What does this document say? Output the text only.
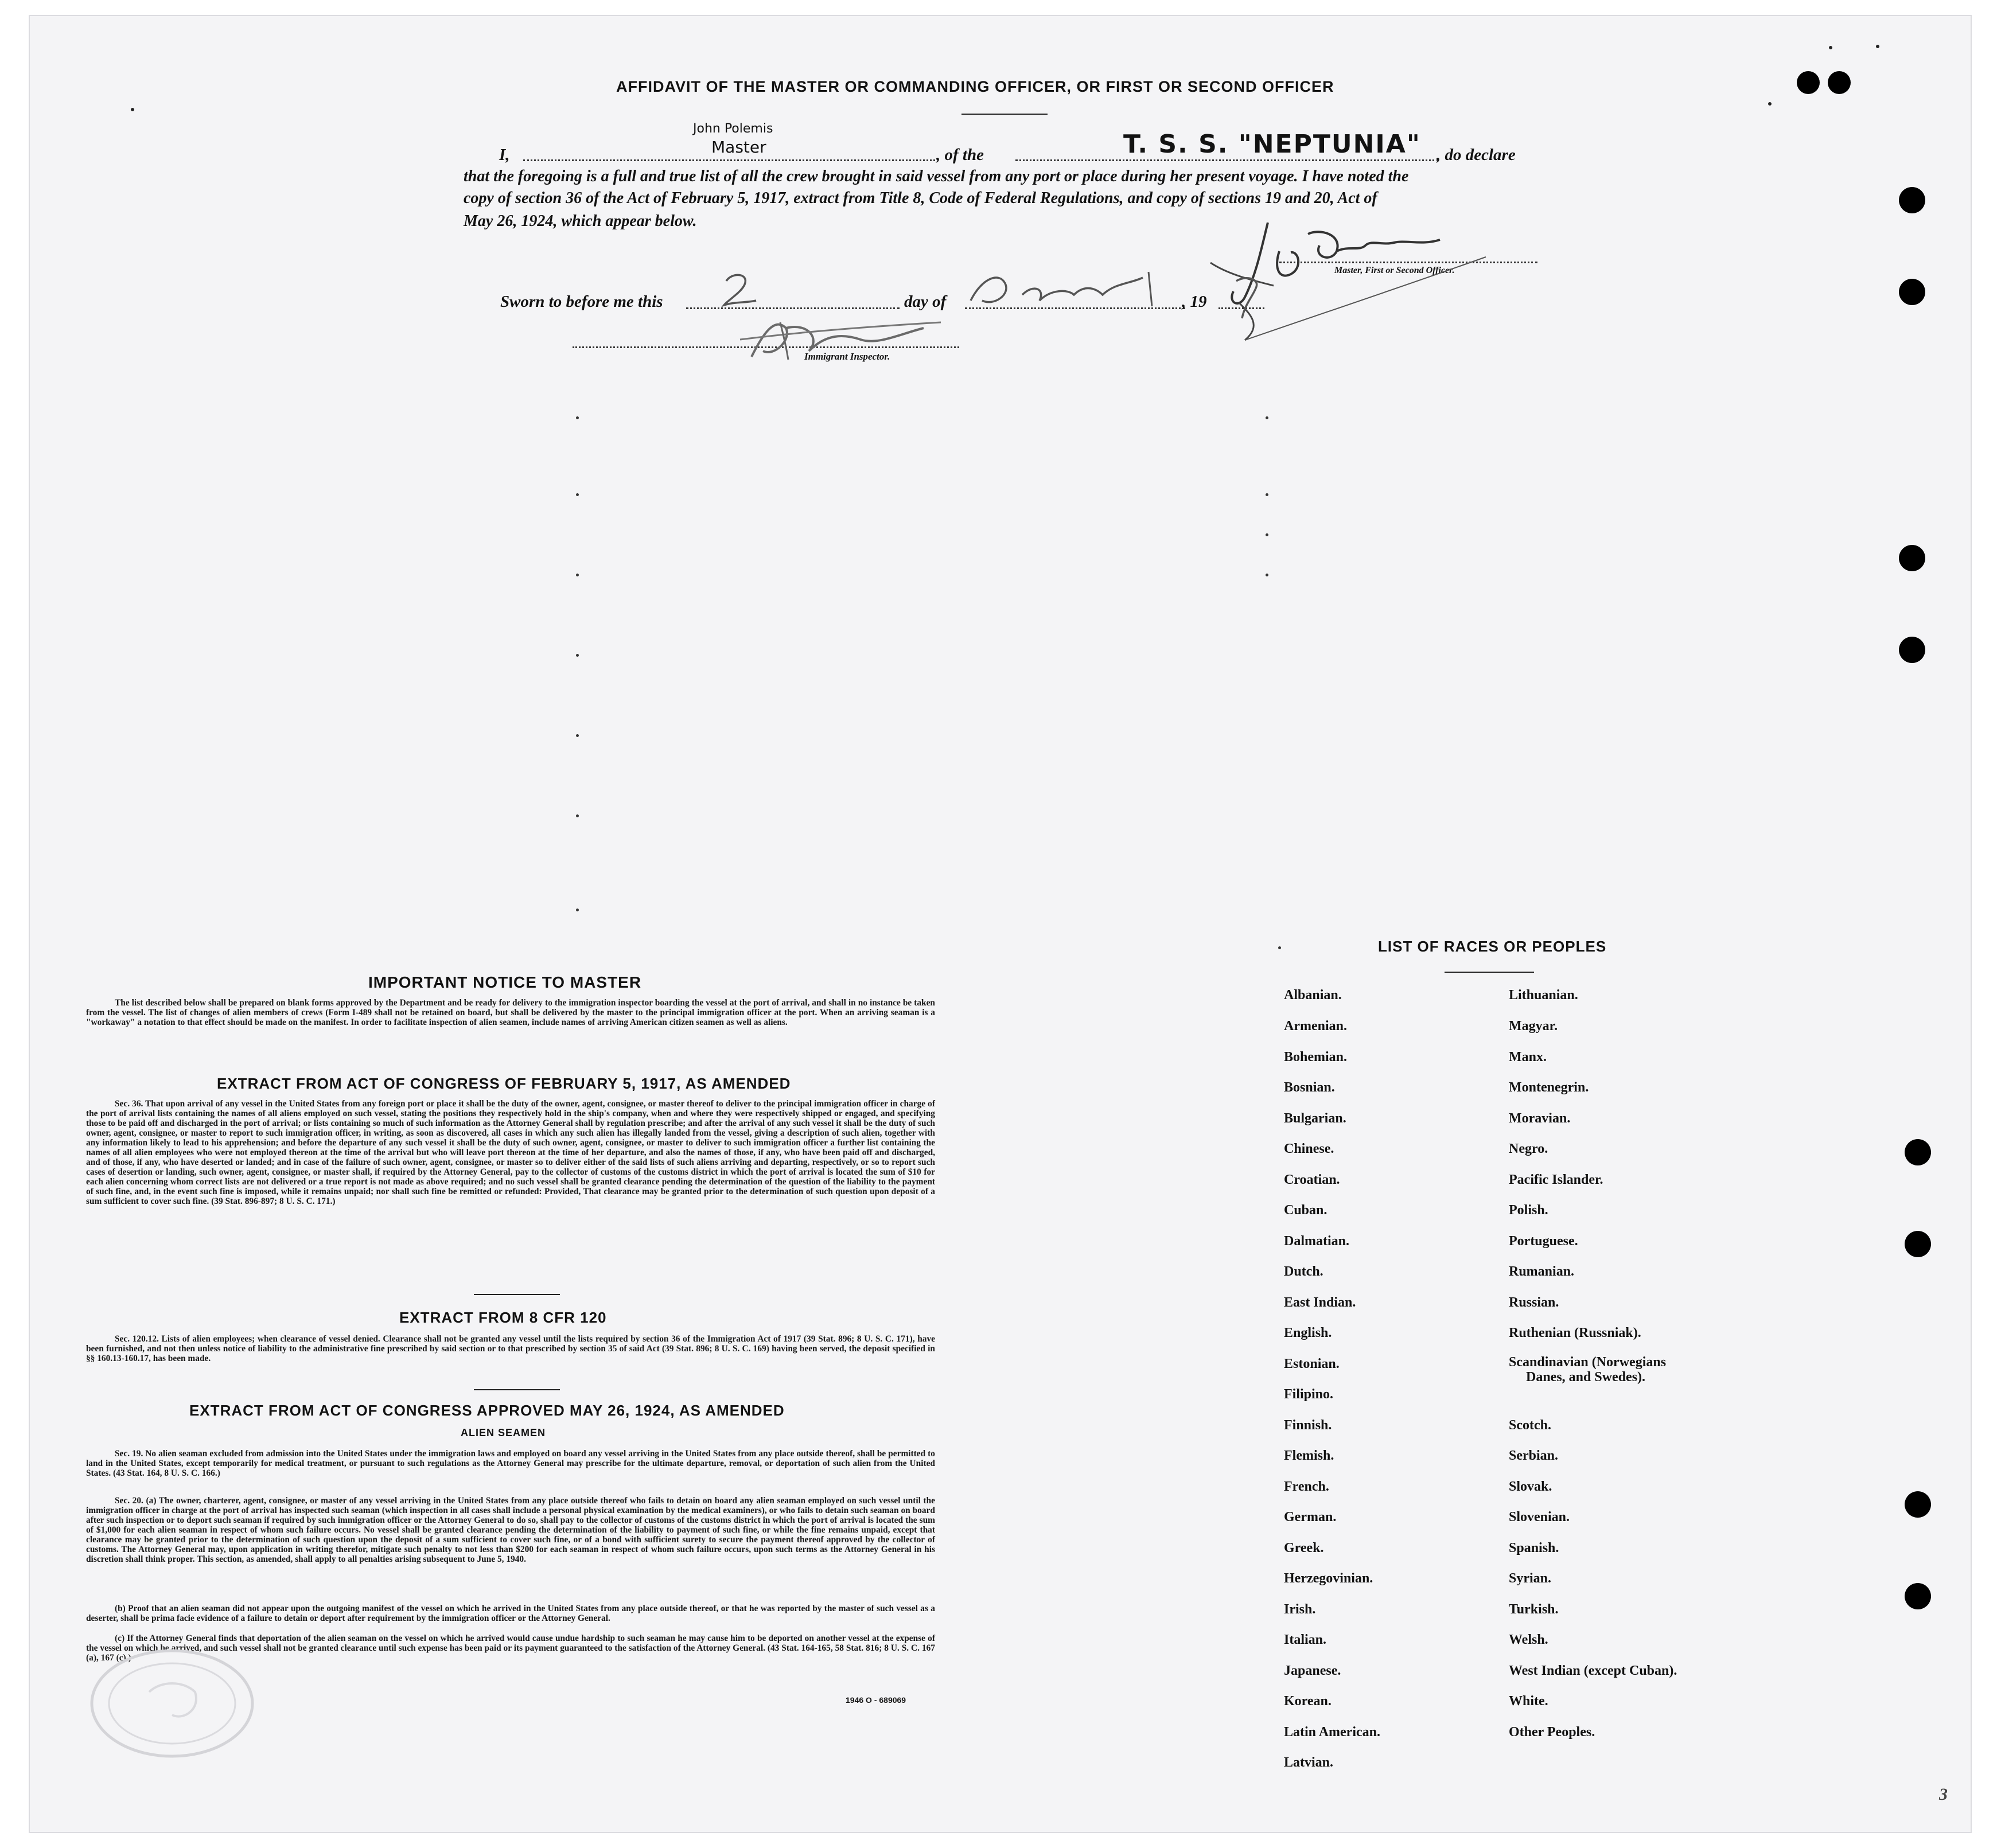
AFFIDAVIT OF THE MASTER OR COMMANDING OFFICER, OR FIRST OR SECOND OFFICER
I,
John Polemis
Master	, of the	T. S. S. "NEPTUNIA" , do declare
that the foregoing is a full and true list of all the crew brought in said vessel from any port or place during her present voyage. I have noted the
copy of section 36 of the Act of February 5, 1917, extract from Title 8, Code of Federal Regulations, and copy of sections 19 and 20, Act of
May 26, 1924, which appear below.
Master, First or Second Officer.
Sworn to before me this	day of	, 19
Immigrant Inspector.
IMPORTANT NOTICE TO MASTER
The list described below shall be prepared on blank forms approved by the Department and be ready for delivery to the immigration inspector boarding the vessel at the port of arrival, and shall in no instance be taken from the vessel. The list of changes of alien members of crews (Form I-489 shall not be retained on board, but shall be delivered by the master to the principal immigration officer at the port. When an arriving seaman is a "workaway" a notation to that effect should be made on the manifest. In order to facilitate inspection of alien seamen, include names of arriving American citizen seamen as well as aliens.
EXTRACT FROM ACT OF CONGRESS OF FEBRUARY 5, 1917, AS AMENDED
Sec. 36. That upon arrival of any vessel in the United States from any foreign port or place it shall be the duty of the owner, agent, consignee, or master thereof to deliver to the principal immigration officer in charge of the port of arrival lists containing the names of all aliens employed on such vessel, stating the positions they respectively hold in the ship's company, when and where they were respectively shipped or engaged, and specifying those to be paid off and discharged in the port of arrival; or lists containing so much of such information as the Attorney General shall by regulation prescribe; and after the arrival of any such vessel it shall be the duty of such owner, agent, consignee, or master to report to such immigration officer, in writing, as soon as discovered, all cases in which any such alien has illegally landed from the vessel, giving a description of such alien, together with any information likely to lead to his apprehension; and before the departure of any such vessel it shall be the duty of such owner, agent, consignee, or master to deliver to such immigration officer a further list containing the names of all alien employees who were not employed thereon at the time of the arrival but who will leave port thereon at the time of her departure, and also the names of those, if any, who have been paid off and discharged, and of those, if any, who have deserted or landed; and in case of the failure of such owner, agent, consignee, or master so to deliver either of the said lists of such aliens arriving and departing, respectively, or so to report such cases of desertion or landing, such owner, agent, consignee, or master shall, if required by the Attorney General, pay to the collector of customs of the customs district in which the port of arrival is located the sum of $10 for each alien concerning whom correct lists are not delivered or a true report is not made as above required; and no such vessel shall be granted clearance pending the determination of the question of the liability to the payment of such fine, and, in the event such fine is imposed, while it remains unpaid; nor shall such fine be remitted or refunded: Provided, That clearance may be granted prior to the determination of such question upon deposit of a sum sufficient to cover such fine. (39 Stat. 896-897; 8 U. S. C. 171.)
EXTRACT FROM 8 CFR 120
Sec. 120.12. Lists of alien employees; when clearance of vessel denied. Clearance shall not be granted any vessel until the lists required by section 36 of the Immigration Act of 1917 (39 Stat. 896; 8 U. S. C. 171), have been furnished, and not then unless notice of liability to the administrative fine prescribed by said section or to that prescribed by section 35 of said Act (39 Stat. 896; 8 U. S. C. 169) having been served, the deposit specified in §§ 160.13-160.17, has been made.
EXTRACT FROM ACT OF CONGRESS APPROVED MAY 26, 1924, AS AMENDED
ALIEN SEAMEN
Sec. 19. No alien seaman excluded from admission into the United States under the immigration laws and employed on board any vessel arriving in the United States from any place outside thereof, shall be permitted to land in the United States, except temporarily for medical treatment, or pursuant to such regulations as the Attorney General may prescribe for the ultimate departure, removal, or deportation of such alien from the United States. (43 Stat. 164, 8 U. S. C. 166.)
Sec. 20. (a) The owner, charterer, agent, consignee, or master of any vessel arriving in the United States from any place outside thereof who fails to detain on board any alien seaman employed on such vessel until the immigration officer in charge at the port of arrival has inspected such seaman (which inspection in all cases shall include a personal physical examination by the medical examiners), or who fails to detain such seaman on board after such inspection or to deport such seaman if required by such immigration officer or the Attorney General to do so, shall pay to the collector of customs of the customs district in which the port of arrival is located the sum of $1,000 for each alien seaman in respect of whom such failure occurs. No vessel shall be granted clearance pending the determination of the liability to payment of such fine, or while the fine remains unpaid, except that clearance may be granted prior to the determination of such question upon the deposit of a sum sufficient to cover such fine, or of a bond with sufficient surety to secure the payment thereof approved by the collector of customs. The Attorney General may, upon application in writing therefor, mitigate such penalty to not less than $200 for each seaman in respect of whom such failure occurs, upon such terms as the Attorney General in his discretion shall think proper. This section, as amended, shall apply to all penalties arising subsequent to June 5, 1940.
(b) Proof that an alien seaman did not appear upon the outgoing manifest of the vessel on which he arrived in the United States from any place outside thereof, or that he was reported by the master of such vessel as a deserter, shall be prima facie evidence of a failure to detain or deport after requirement by the immigration officer or the Attorney General.
(c) If the Attorney General finds that deportation of the alien seaman on the vessel on which he arrived would cause undue hardship to such seaman he may cause him to be deported on another vessel at the expense of the vessel on which he arrived, and such vessel shall not be granted clearance until such expense has been paid or its payment guaranteed to the satisfaction of the Attorney General. (43 Stat. 164-165, 58 Stat. 816; 8 U. S. C. 167 (a), 167 (c).)
1946 O - 689069
LIST OF RACES OR PEOPLES
Albanian.
Armenian.
Bohemian.
Bosnian.
Bulgarian.
Chinese.
Croatian.
Cuban.
Dalmatian.
Dutch.
East Indian.
English.
Estonian.
Filipino.
Finnish.
Flemish.
French.
German.
Greek.
Herzegovinian.
Irish.
Italian.
Japanese.
Korean.
Latin American.
Latvian.
Lithuanian.
Magyar.
Manx.
Montenegrin.
Moravian.
Negro.
Pacific Islander.
Polish.
Portuguese.
Rumanian.
Russian.
Ruthenian (Russniak).
Scandinavian (Norwegians
Danes, and Swedes).
Scotch.
Serbian.
Slovak.
Slovenian.
Spanish.
Syrian.
Turkish.
Welsh.
West Indian (except Cuban).
White.
Other Peoples.
3
